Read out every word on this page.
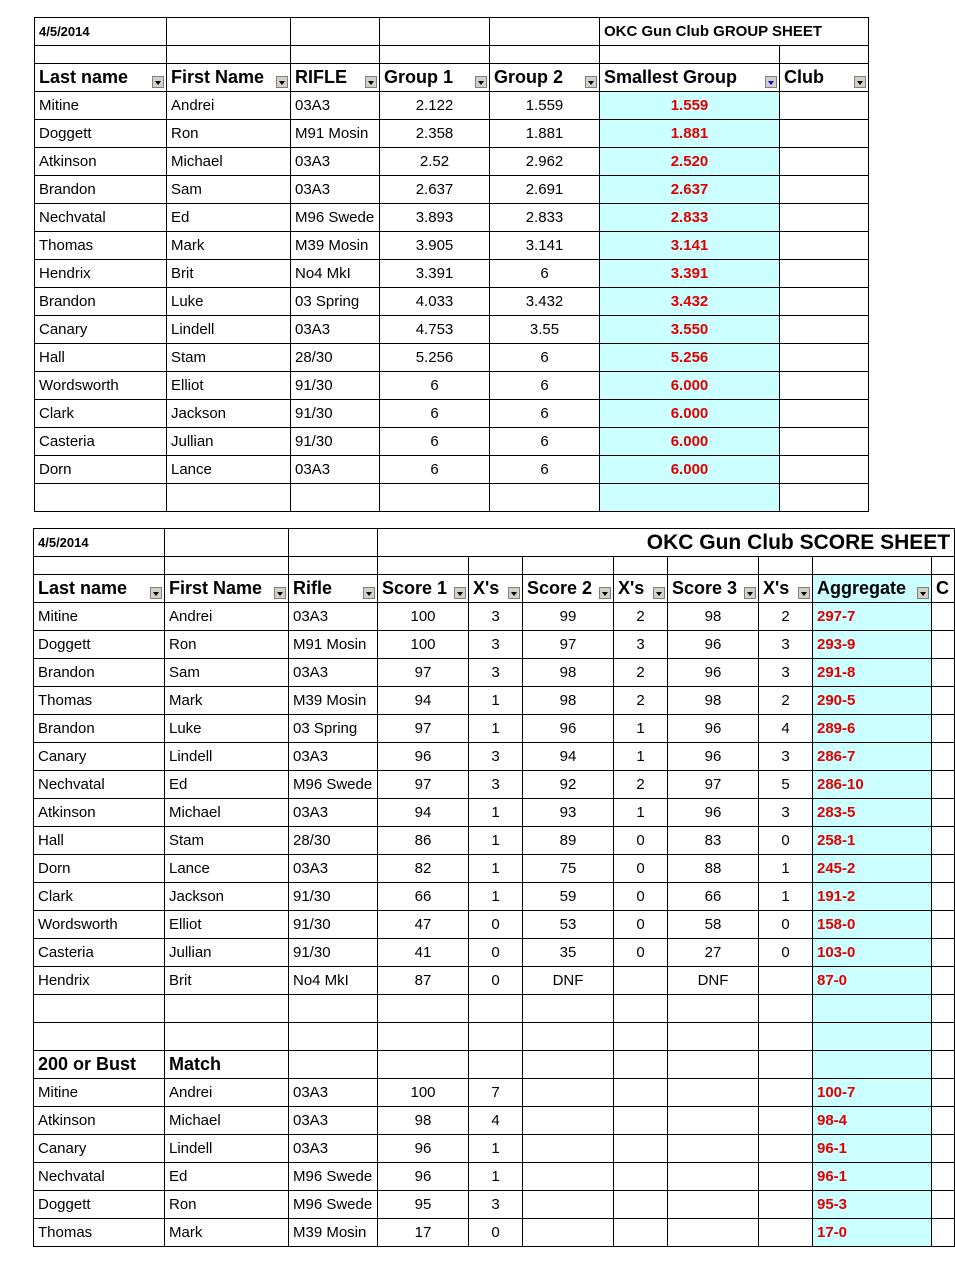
4/5/2014					OKC Gun Club GROUP SHEET	

Last name	First Name	RIFLE	Group 1	Group 2	Smallest Group	Club

Mitine	Andrei	03A3	2.122	1.559	1.559	
Doggett	Ron	M91 Mosin	2.358	1.881	1.881	
Atkinson	Michael	03A3	2.52	2.962	2.520	
Brandon	Sam	03A3	2.637	2.691	2.637	
Nechvatal	Ed	M96 Swede	3.893	2.833	2.833	
Thomas	Mark	M39 Mosin	3.905	3.141	3.141	
Hendrix	Brit	No4 MkI	3.391	6	3.391	
Brandon	Luke	03 Spring	4.033	3.432	3.432	
Canary	Lindell	03A3	4.753	3.55	3.550	
Hall	Stam	28/30	5.256	6	5.256	
Wordsworth	Elliot	91/30	6	6	6.000	
Clark	Jackson	91/30	6	6	6.000	
Casteria	Jullian	91/30	6	6	6.000	
Dorn	Lance	03A3	6	6	6.000	

4/5/2014			OKC Gun Club SCORE SHEET							

Last name	First Name	Rifle	Score 1	X's	Score 2	X's	Score 3	X's	Aggregate	C
Mitine	Andrei	03A3	100	3	99	2	98	2	297-7	
Doggett	Ron	M91 Mosin	100	3	97	3	96	3	293-9	
Brandon	Sam	03A3	97	3	98	2	96	3	291-8	
Thomas	Mark	M39 Mosin	94	1	98	2	98	2	290-5	
Brandon	Luke	03 Spring	97	1	96	1	96	4	289-6	
Canary	Lindell	03A3	96	3	94	1	96	3	286-7	
Nechvatal	Ed	M96 Swede	97	3	92	2	97	5	286-10	
Atkinson	Michael	03A3	94	1	93	1	96	3	283-5	
Hall	Stam	28/30	86	1	89	0	83	0	258-1	
Dorn	Lance	03A3	82	1	75	0	88	1	245-2	
Clark	Jackson	91/30	66	1	59	0	66	1	191-2	
Wordsworth	Elliot	91/30	47	0	53	0	58	0	158-0	
Casteria	Jullian	91/30	41	0	35	0	27	0	103-0	
Hendrix	Brit	No4 MkI	87	0	DNF		DNF		87-0	

200 or Bust	Match									
Mitine	Andrei	03A3	100	7					100-7	
Atkinson	Michael	03A3	98	4					98-4	
Canary	Lindell	03A3	96	1					96-1	
Nechvatal	Ed	M96 Swede	96	1					96-1	
Doggett	Ron	M96 Swede	95	3					95-3	
Thomas	Mark	M39 Mosin	17	0					17-0	
